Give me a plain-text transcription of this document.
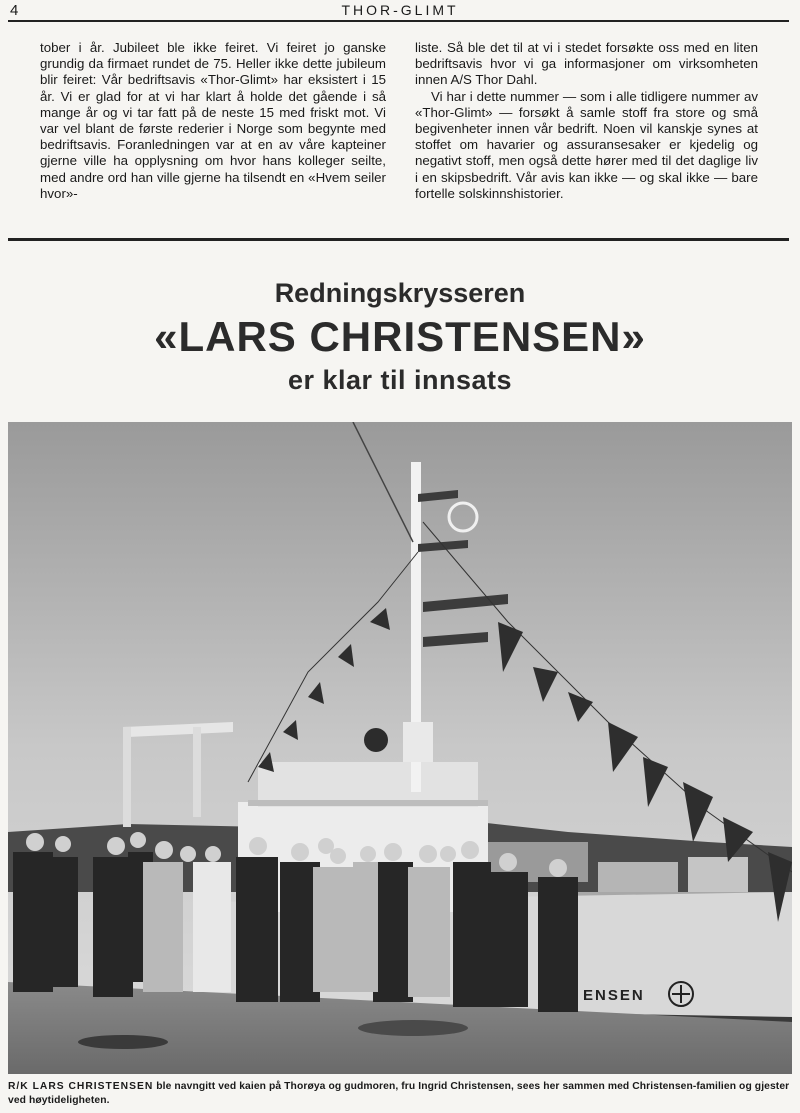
4	THOR-GLIMT

tober i år. Jubileet ble ikke feiret. Vi feiret jo ganske grundig da firmaet rundet de 75. Heller ikke dette jubileum blir feiret: Vår bedriftsavis «Thor-Glimt» har eksistert i 15 år. Vi er glad for at vi har klart å holde det gående i så mange år og vi tar fatt på de neste 15 med friskt mot. Vi var vel blant de første rederier i Norge som begynte med bedriftsavis. Foranledningen var at en av våre kapteiner gjerne ville ha opplysning om hvor hans kolleger seilte, med andre ord han ville gjerne ha tilsendt en «Hvem seiler hvor»-

liste. Så ble det til at vi i stedet forsøkte oss med en liten bedriftsavis hvor vi ga informasjoner om virksomheten innen A/S Thor Dahl.

Vi har i dette nummer — som i alle tidligere nummer av «Thor-Glimt» — forsøkt å samle stoff fra store og små begivenheter innen vår bedrift. Noen vil kanskje synes at stoffet om havarier og assuransesaker er kjedelig og negativt stoff, men også dette hører med til det daglige liv i en skipsbedrift. Vår avis kan ikke — og skal ikke — bare fortelle solskinnshistorier.

Redningskrysseren
«LARS CHRISTENSEN»
er klar til innsats
ENSEN
R/K LARS CHRISTENSEN ble navngitt ved kaien på Thorøya og gudmoren, fru Ingrid Christensen, sees her sammen med Christensen-familien og gjester ved høytideligheten.
